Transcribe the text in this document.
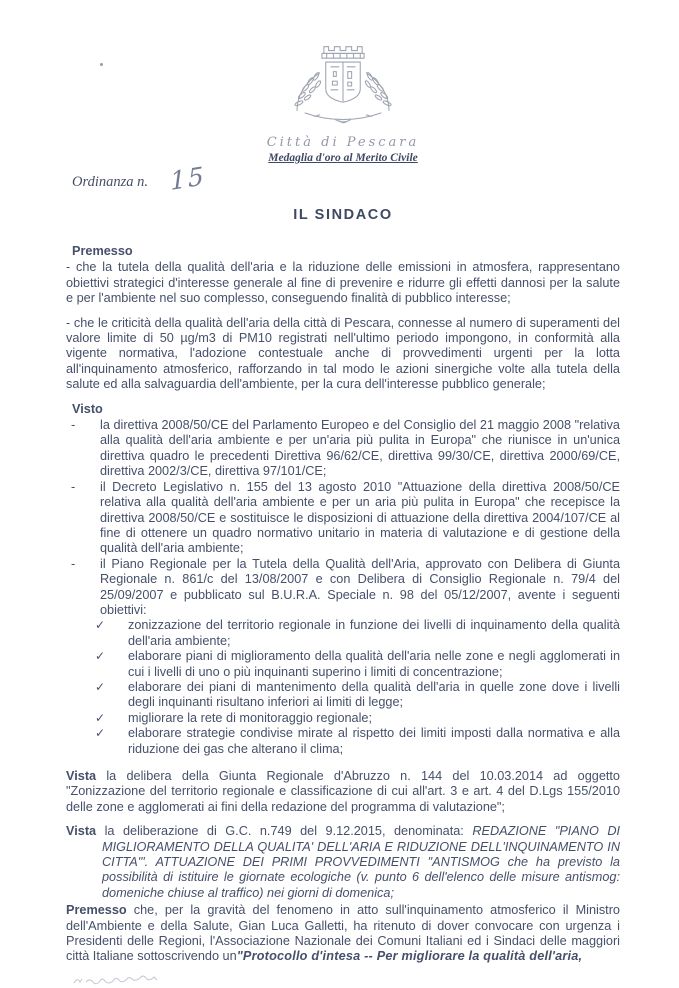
Città di Pescara
Medaglia d'oro al Merito Civile
Ordinanza n. 15
IL SINDACO

Premesso

- che la tutela della qualità dell'aria e la riduzione delle emissioni in atmosfera, rappresentano obiettivi strategici d'interesse generale al fine di prevenire e ridurre gli effetti dannosi per la salute e per l'ambiente nel suo complesso, conseguendo finalità di pubblico interesse;

- che le criticità della qualità dell'aria della città di Pescara, connesse al numero di superamenti del valore limite di 50 µg/m3 di PM10 registrati nell'ultimo periodo impongono, in conformità alla vigente normativa, l'adozione contestuale anche di provvedimenti urgenti per la lotta all'inquinamento atmosferico, rafforzando in tal modo le azioni sinergiche volte alla tutela della salute ed alla salvaguardia dell'ambiente, per la cura dell'interesse pubblico generale;

Visto

- la direttiva 2008/50/CE del Parlamento Europeo e del Consiglio del 21 maggio 2008 "relativa alla qualità dell'aria ambiente e per un'aria più pulita in Europa" che riunisce in un'unica direttiva quadro le precedenti Direttiva 96/62/CE, direttiva 99/30/CE, direttiva 2000/69/CE, direttiva 2002/3/CE, direttiva 97/101/CE;
- il Decreto Legislativo n. 155 del 13 agosto 2010 "Attuazione della direttiva 2008/50/CE relativa alla qualità dell'aria ambiente e per un aria più pulita in Europa" che recepisce la direttiva 2008/50/CE e sostituisce le disposizioni di attuazione della direttiva 2004/107/CE al fine di ottenere un quadro normativo unitario in materia di valutazione e di gestione della qualità dell'aria ambiente;
- il Piano Regionale per la Tutela della Qualità dell'Aria, approvato con Delibera di Giunta Regionale n. 861/c del 13/08/2007 e con Delibera di Consiglio Regionale n. 79/4 del 25/09/2007 e pubblicato sul B.U.R.A. Speciale n. 98 del 05/12/2007, avente i seguenti obiettivi:
✓ zonizzazione del territorio regionale in funzione dei livelli di inquinamento della qualità dell'aria ambiente;
✓ elaborare piani di miglioramento della qualità dell'aria nelle zone e negli agglomerati in cui i livelli di uno o più inquinanti superino i limiti di concentrazione;
✓ elaborare dei piani di mantenimento della qualità dell'aria in quelle zone dove i livelli degli inquinanti risultano inferiori ai limiti di legge;
✓ migliorare la rete di monitoraggio regionale;
✓ elaborare strategie condivise mirate al rispetto dei limiti imposti dalla normativa e alla riduzione dei gas che alterano il clima;

Vista la delibera della Giunta Regionale d'Abruzzo n. 144 del 10.03.2014 ad oggetto "Zonizzazione del territorio regionale e classificazione di cui all'art. 3 e art. 4 del D.Lgs 155/2010 delle zone e agglomerati ai fini della redazione del programma di valutazione";

Vista la deliberazione di G.C. n.749 del 9.12.2015, denominata: REDAZIONE "PIANO DI MIGLIORAMENTO DELLA QUALITA' DELL'ARIA E RIDUZIONE DELL'INQUINAMENTO IN CITTA'". ATTUAZIONE DEI PRIMI PROVVEDIMENTI "ANTISMOG che ha previsto la possibilità di istituire le giornate ecologiche (v. punto 6 dell'elenco delle misure antismog: domeniche chiuse al traffico) nei giorni di domenica;

Premesso che, per la gravità del fenomeno in atto sull'inquinamento atmosferico il Ministro dell'Ambiente e della Salute, Gian Luca Galletti, ha ritenuto di dover convocare con urgenza i Presidenti delle Regioni, l'Associazione Nazionale dei Comuni Italiani ed i Sindaci delle maggiori città Italiane sottoscrivendo un"Protocollo d'intesa -- Per migliorare la qualità dell'aria,
